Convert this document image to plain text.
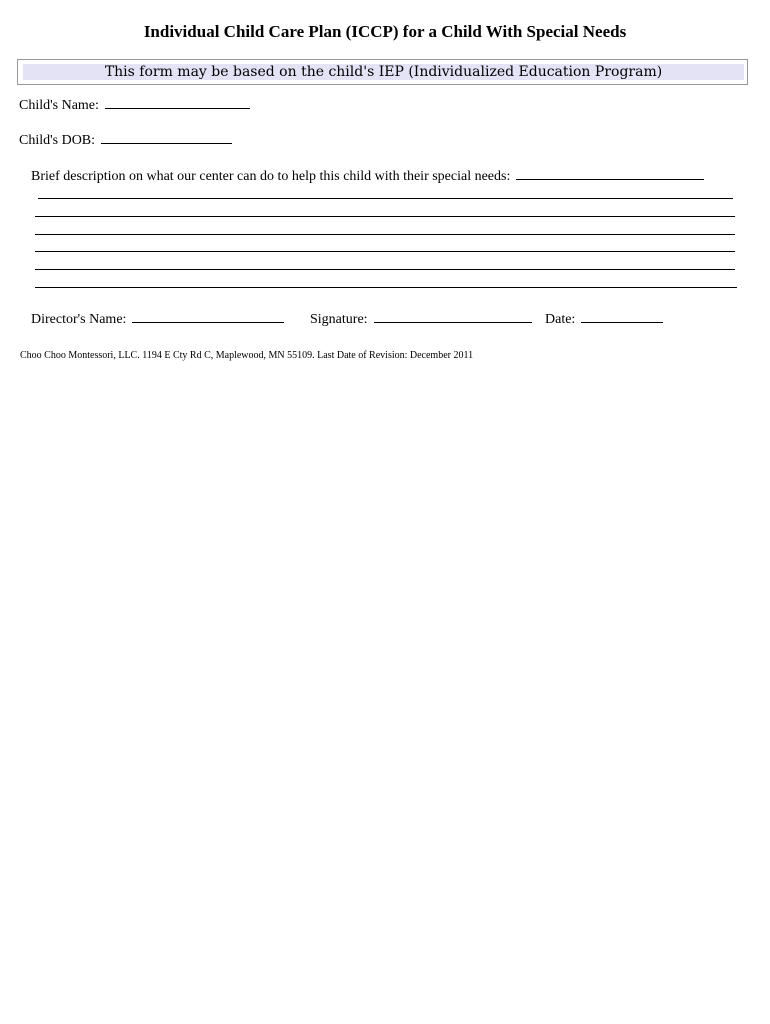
Individual Child Care Plan (ICCP) for a Child With Special Needs
This form may be based on the child's IEP (Individualized Education Program)
Child's Name:
Child's DOB:
Brief description on what our center can do to help this child with their special needs:
Director's Name:	Signature:	Date:
Choo Choo Montessori, LLC. 1194 E Cty Rd C, Maplewood, MN 55109. Last Date of Revision: December 2011
